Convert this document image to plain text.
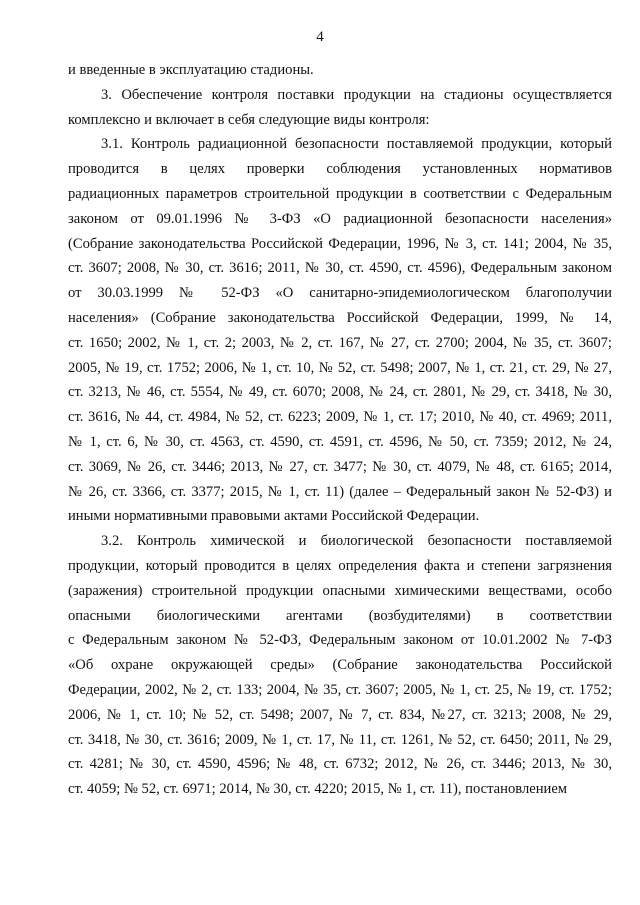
4
и введенные в эксплуатацию стадионы.
3. Обеспечение контроля поставки продукции на стадионы осуществляется
комплексно и включает в себя следующие виды контроля:
3.1. Контроль радиационной безопасности поставляемой продукции, который
проводится в целях проверки соблюдения установленных нормативов
радиационных параметров строительной продукции в соответствии с Федеральным
законом от 09.01.1996 № 3-ФЗ «О радиационной безопасности населения»
(Собрание законодательства Российской Федерации, 1996, № 3, ст. 141; 2004, № 35,
ст. 3607; 2008, № 30, ст. 3616; 2011, № 30, ст. 4590, ст. 4596), Федеральным законом
от 30.03.1999 № 52-ФЗ «О санитарно-эпидемиологическом благополучии
населения» (Собрание законодательства Российской Федерации, 1999, № 14,
ст. 1650; 2002, № 1, ст. 2; 2003, № 2, ст. 167, № 27, ст. 2700; 2004, № 35, ст. 3607;
2005, № 19, ст. 1752; 2006, № 1, ст. 10, № 52, ст. 5498; 2007, № 1, ст. 21, ст. 29, № 27,
ст. 3213, № 46, ст. 5554, № 49, ст. 6070; 2008, № 24, ст. 2801, № 29, ст. 3418, № 30,
ст. 3616, № 44, ст. 4984, № 52, ст. 6223; 2009, № 1, ст. 17; 2010, № 40, ст. 4969; 2011,
№ 1, ст. 6, № 30, ст. 4563, ст. 4590, ст. 4591, ст. 4596, № 50, ст. 7359; 2012, № 24,
ст. 3069, № 26, ст. 3446; 2013, № 27, ст. 3477; № 30, ст. 4079, № 48, ст. 6165; 2014,
№ 26, ст. 3366, ст. 3377; 2015, № 1, ст. 11) (далее – Федеральный закон № 52-ФЗ) и
иными нормативными правовыми актами Российской Федерации.
3.2. Контроль химической и биологической безопасности поставляемой
продукции, который проводится в целях определения факта и степени загрязнения
(заражения) строительной продукции опасными химическими веществами, особо
опасными биологическими агентами (возбудителями) в соответствии
с Федеральным законом № 52-ФЗ, Федеральным законом от 10.01.2002 № 7-ФЗ
«Об охране окружающей среды» (Собрание законодательства Российской
Федерации, 2002, № 2, ст. 133; 2004, № 35, ст. 3607; 2005, № 1, ст. 25, № 19, ст. 1752;
2006, № 1, ст. 10; № 52, ст. 5498; 2007, № 7, ст. 834, №27, ст. 3213; 2008, № 29,
ст. 3418, № 30, ст. 3616; 2009, № 1, ст. 17, № 11, ст. 1261, № 52, ст. 6450; 2011, № 29,
ст. 4281; № 30, ст. 4590, 4596; № 48, ст. 6732; 2012, № 26, ст. 3446; 2013, № 30,
ст. 4059; № 52, ст. 6971; 2014, № 30, ст. 4220; 2015, № 1, ст. 11), постановлением
